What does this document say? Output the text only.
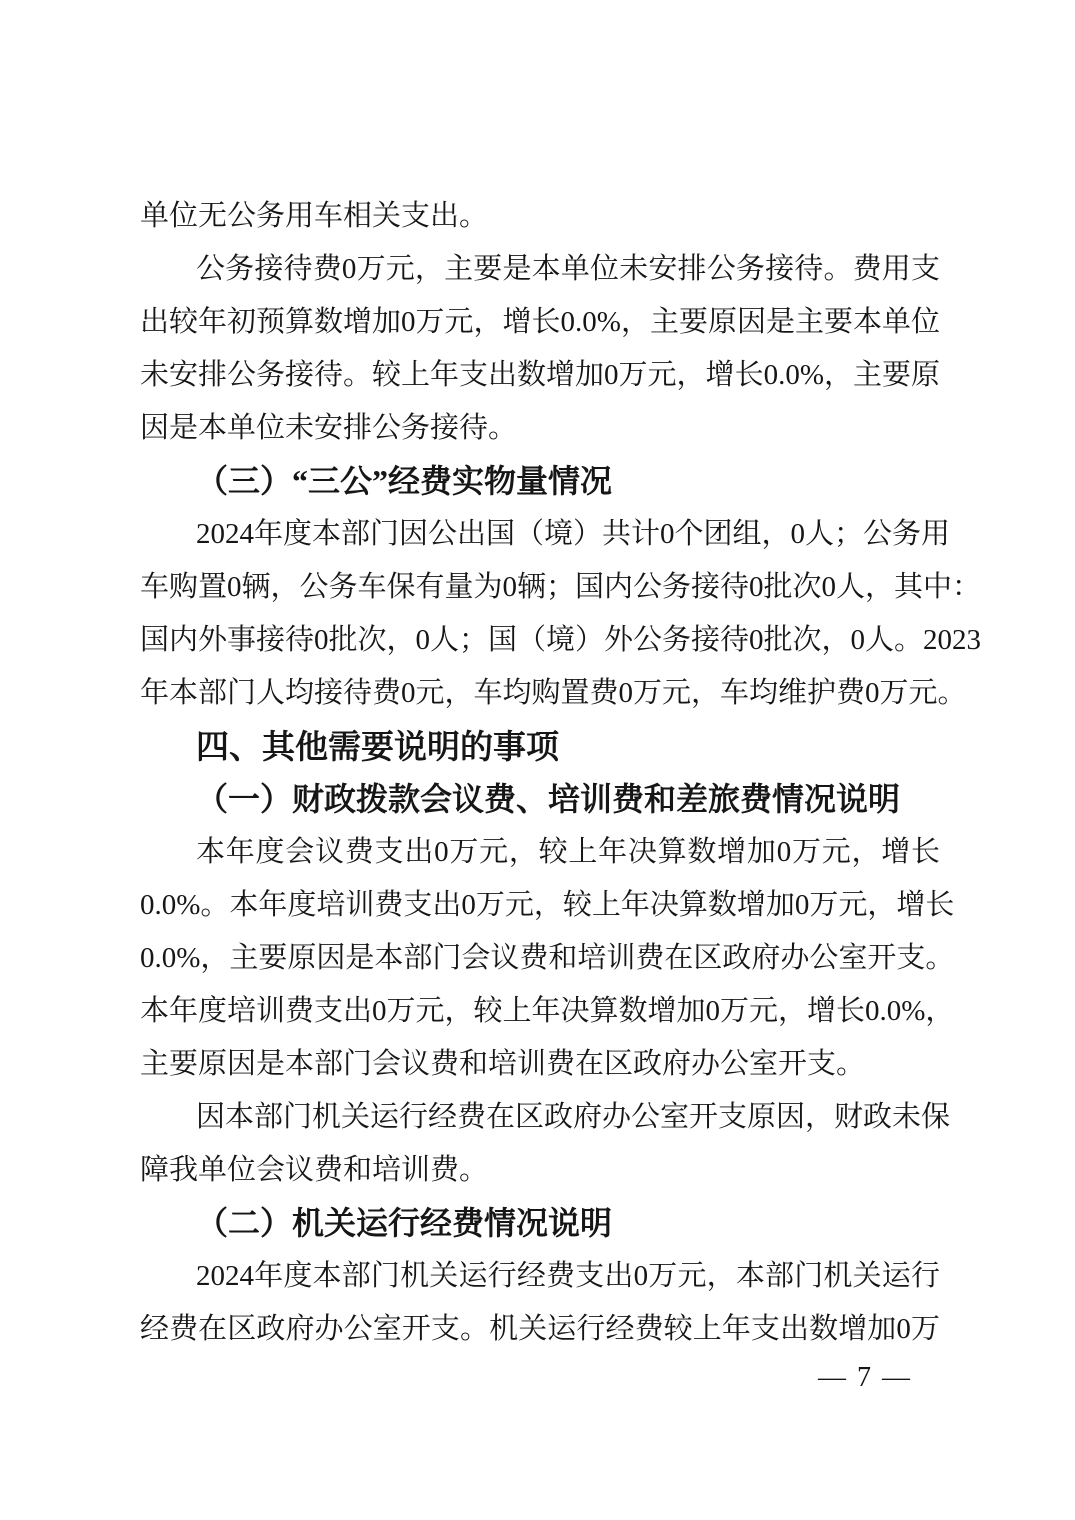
单位无公务用车相关支出。
公务接待费0万元，主要是本单位未安排公务接待。费用支
出较年初预算数增加0万元，增长0.0%，主要原因是主要本单位
未安排公务接待。较上年支出数增加0万元，增长0.0%，主要原
因是本单位未安排公务接待。
（三）“三公”经费实物量情况
2024年度本部门因公出国（境）共计0个团组，0人；公务用
车购置0辆，公务车保有量为0辆；国内公务接待0批次0人，其中：
国内外事接待0批次，0人；国（境）外公务接待0批次，0人。2023
年本部门人均接待费0元，车均购置费0万元，车均维护费0万元。
四、其他需要说明的事项
（一）财政拨款会议费、培训费和差旅费情况说明
本年度会议费支出0万元，较上年决算数增加0万元，增长
0.0%。本年度培训费支出0万元，较上年决算数增加0万元，增长
0.0%，主要原因是本部门会议费和培训费在区政府办公室开支。
本年度培训费支出0万元，较上年决算数增加0万元，增长0.0%，
主要原因是本部门会议费和培训费在区政府办公室开支。
因本部门机关运行经费在区政府办公室开支原因，财政未保
障我单位会议费和培训费。
（二）机关运行经费情况说明
2024年度本部门机关运行经费支出0万元，本部门机关运行
经费在区政府办公室开支。机关运行经费较上年支出数增加0万
— 7 —
